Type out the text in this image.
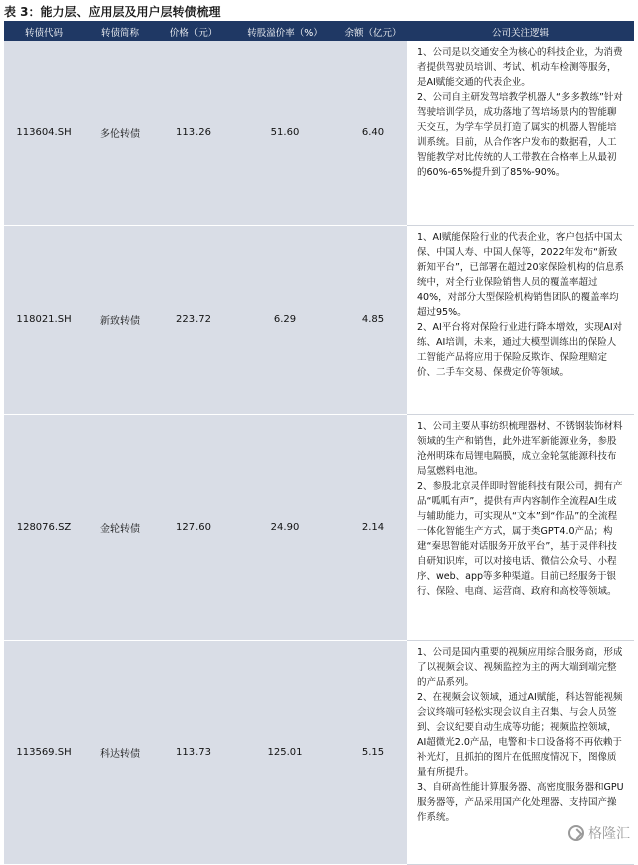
表 3：能力层、应用层及用户层转债梳理
转债代码	转债简称	价格（元）	转股溢价率（%）	余额（亿元）	公司关注逻辑
113604.SH	多伦转债	113.26	51.60	6.40	1、公司是以交通安全为核心的科技企业，为消费者提供驾驶员培训、考试、机动车检测等服务，是AI赋能交通的代表企业。

2、公司自主研发驾培教学机器人“多多教练”针对驾驶培训学员，成功落地了驾培场景内的智能聊天交互，为学车学员打造了属实的机器人智能培训系统。目前，从合作客户发布的数据看，人工智能教学对比传统的人工带教在合格率上从最初的60%-65%提升到了85%-90%。

118021.SH	新致转债	223.72	6.29	4.85	1、AI赋能保险行业的代表企业，客户包括中国太保、中国人寿、中国人保等，2022年发布“新致新知平台”，已部署在超过20家保险机构的信息系统中，对全行业保险销售人员的覆盖率超过40%，对部分大型保险机构销售团队的覆盖率均超过95%。

2、AI平台将对保险行业进行降本增效，实现AI对练、AI培训，未来，通过大模型训练出的保险人工智能产品将应用于保险反欺诈、保险理赔定价、二手车交易、保费定价等领域。

128076.SZ	金轮转债	127.60	24.90	2.14	1、公司主要从事纺织梳理器材、不锈钢装饰材料领域的生产和销售，此外进军新能源业务，参股沧州明珠布局锂电隔膜，成立金轮氢能源科技布局氢燃料电池。

2、参股北京灵伴即时智能科技有限公司，拥有产品“呱呱有声”，提供有声内容制作全流程AI生成与辅助能力，可实现从“文本”到“作品”的全流程一体化智能生产方式，属于类GPT4.0产品；构建“秦思智能对话服务开放平台”，基于灵伴科技自研知识库，可以对接电话、微信公众号、小程序、web、app等多种渠道。目前已经服务于银行、保险、电商、运营商、政府和高校等领域。

113569.SH	科达转债	113.73	125.01	5.15	1、公司是国内重要的视频应用综合服务商，形成了以视频会议、视频监控为主的两大端到端完整的产品系列。

2、在视频会议领域，通过AI赋能，科达智能视频会议终端可轻松实现会议自主召集、与会人员签到、会议纪要自动生成等功能；视频监控领域，AI超微光2.0产品，电警和卡口设备将不再依赖于补光灯，且抓拍的图片在低照度情况下，图像质量有所提升。

3、自研高性能计算服务器、高密度服务器和GPU服务器等，产品采用国产化处理器、支持国产操作系统。

格隆汇
